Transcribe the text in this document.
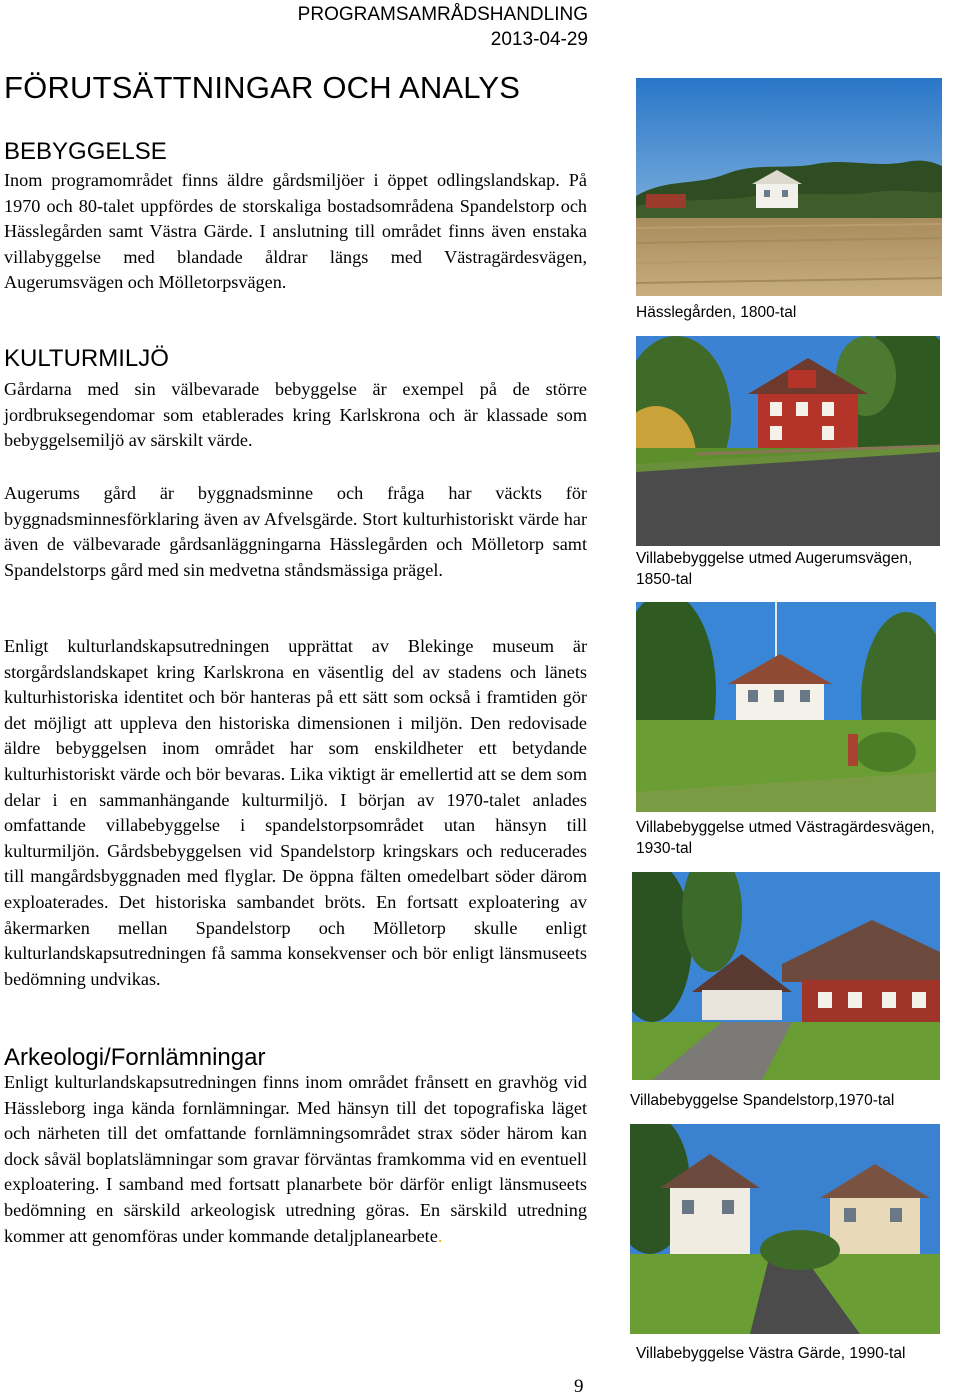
PROGRAMSAMRÅDSHANDLING
2013-04-29
FÖRUTSÄTTNINGAR OCH ANALYS
BEBYGGELSE

Inom programområdet finns äldre gårdsmiljöer i öppet odlingslandskap. På 1970 och 80-talet uppfördes de storskaliga bostadsområdena Spandelstorp och Hässlegården samt Västra Gärde. I anslutning till området finns även enstaka villabyggelse med blandade åldrar längs med Västragärdesvägen, Augerumsvägen och Mölletorpsvägen.

KULTURMILJÖ

Gårdarna med sin välbevarade bebyggelse är exempel på de större jordbruksegendomar som etablerades kring Karlskrona och är klassade som bebyggelsemiljö av särskilt värde.

Augerums gård är byggnadsminne och fråga har väckts för byggnadsminnesförklaring även av Afvelsgärde. Stort kulturhistoriskt värde har även de välbevarade gårdsanläggningarna Hässlegården och Mölletorp samt Spandelstorps gård med sin medvetna ståndsmässiga prägel.

Enligt kulturlandskapsutredningen upprättat av Blekinge museum är storgårdslandskapet kring Karlskrona en väsentlig del av stadens och länets kulturhistoriska identitet och bör hanteras på ett sätt som också i framtiden gör det möjligt att uppleva den historiska dimensionen i miljön. Den redovisade äldre bebyggelsen inom området har som enskildheter ett betydande kulturhistoriskt värde och bör bevaras. Lika viktigt är emellertid att se dem som delar i en sammanhängande kulturmiljö. I början av 1970-talet anlades omfattande villabebyggelse i spandelstorpsområdet utan hänsyn till kulturmiljön. Gårdsbebyggelsen vid Spandelstorp kringskars och reducerades till mangårdsbyggnaden med flyglar. De öppna fälten omedelbart söder därom exploaterades. Det historiska sambandet bröts. En fortsatt exploatering av åkermarken mellan Spandelstorp och Mölletorp skulle enligt kulturlandskapsutredningen få samma konsekvenser och bör enligt länsmuseets bedömning undvikas.

Arkeologi/Fornlämningar

Enligt kulturlandskapsutredningen finns inom området frånsett en gravhög vid Hässleborg inga kända fornlämningar. Med hänsyn till det topografiska läget och närheten till det omfattande fornlämningsområdet strax söder härom kan dock såväl boplatslämningar som gravar förväntas framkomma vid en eventuell exploatering. I samband med fortsatt planarbete bör därför enligt länsmuseets bedömning en särskild arkeologisk utredning göras. En särskild utredning kommer att genomföras under kommande detaljplanearbete.

Hässlegården, 1800-tal
Villabebyggelse utmed Augerumsvägen,
1850-tal
Villabebyggelse utmed Västragärdesvägen,
1930-tal
Villabebyggelse Spandelstorp,1970-tal
Villabebyggelse Västra Gärde, 1990-tal
9
